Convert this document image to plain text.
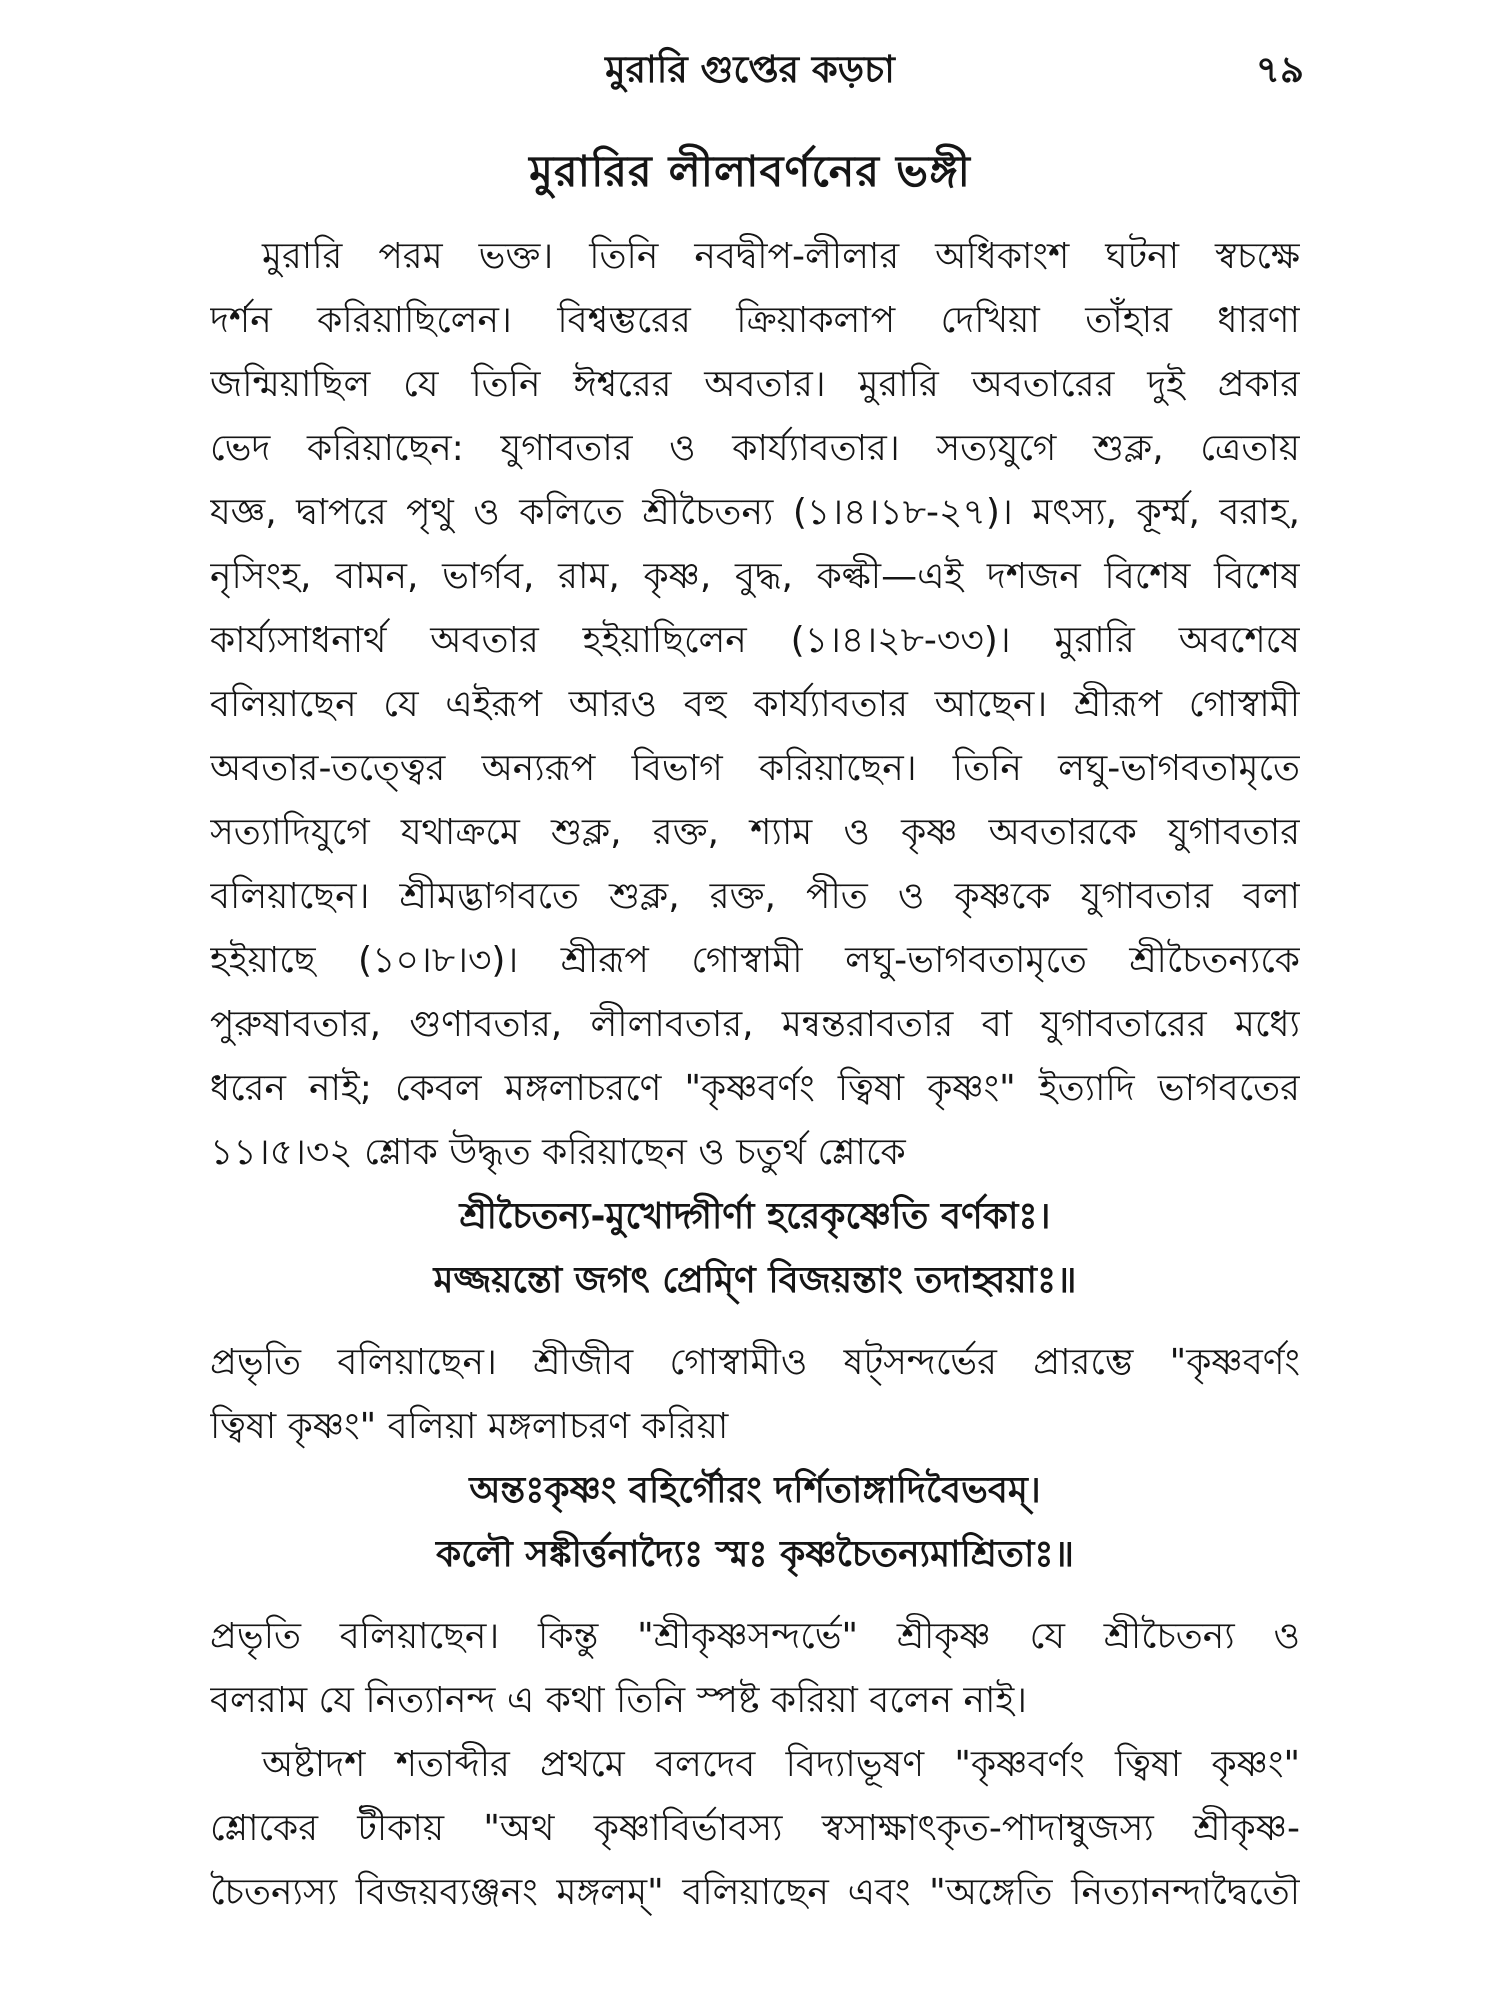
মুরারি গুপ্তের কড়চা	৭৯
মুরারির লীলাবর্ণনের ভঙ্গী
মুরারি পরম ভক্ত। তিনি নবদ্বীপ-লীলার অধিকাংশ ঘটনা স্বচক্ষে
দর্শন করিয়াছিলেন। বিশ্বম্ভরের ক্রিয়াকলাপ দেখিয়া তাঁহার ধারণা
জন্মিয়াছিল যে তিনি ঈশ্বরের অবতার। মুরারি অবতারের দুই প্রকার
ভেদ করিয়াছেন: যুগাবতার ও কার্য্যাবতার। সত্যযুগে শুক্ল, ত্রেতায়
যজ্ঞ, দ্বাপরে পৃথু ও কলিতে শ্রীচৈতন্য (১।৪।১৮-২৭)। মৎস্য, কূর্ম্ম, বরাহ,
নৃসিংহ, বামন, ভার্গব, রাম, কৃষ্ণ, বুদ্ধ, কল্কী—এই দশজন বিশেষ বিশেষ
কার্য্যসাধনার্থ অবতার হইয়াছিলেন (১।৪।২৮-৩৩)। মুরারি অবশেষে
বলিয়াছেন যে এইরূপ আরও বহু কার্য্যাবতার আছেন। শ্রীরূপ গোস্বামী
অবতার-তত্ত্বের অন্যরূপ বিভাগ করিয়াছেন। তিনি লঘু-ভাগবতামৃতে
সত্যাদিযুগে যথাক্রমে শুক্ল, রক্ত, শ্যাম ও কৃষ্ণ অবতারকে যুগাবতার
বলিয়াছেন। শ্রীমদ্ভাগবতে শুক্ল, রক্ত, পীত ও কৃষ্ণকে যুগাবতার বলা
হইয়াছে (১০।৮।৩)। শ্রীরূপ গোস্বামী লঘু-ভাগবতামৃতে শ্রীচৈতন্যকে
পুরুষাবতার, গুণাবতার, লীলাবতার, মন্বন্তরাবতার বা যুগাবতারের মধ্যে
ধরেন নাই; কেবল মঙ্গলাচরণে "কৃষ্ণবর্ণং ত্বিষা কৃষ্ণং" ইত্যাদি ভাগবতের
১১।৫।৩২ শ্লোক উদ্ধৃত করিয়াছেন ও চতুর্থ শ্লোকে
শ্রীচৈতন্য-মুখোদ্গীর্ণা হরেকৃষ্ণেতি বর্ণকাঃ।
মজ্জয়ন্তো জগৎ প্রেম্ণি বিজয়ন্তাং তদাহ্বয়াঃ॥
প্রভৃতি বলিয়াছেন। শ্রীজীব গোস্বামীও ষট্সন্দর্ভের প্রারম্ভে "কৃষ্ণবর্ণং
ত্বিষা কৃষ্ণং" বলিয়া মঙ্গলাচরণ করিয়া
অন্তঃকৃষ্ণং বহির্গৌরং দর্শিতাঙ্গাদিবৈভবম্।
কলৌ সঙ্কীর্ত্তনাদ্যৈঃ স্মঃ কৃষ্ণচৈতন্যমাশ্রিতাঃ॥
প্রভৃতি বলিয়াছেন। কিন্তু "শ্রীকৃষ্ণসন্দর্ভে" শ্রীকৃষ্ণ যে শ্রীচৈতন্য ও
বলরাম যে নিত্যানন্দ এ কথা তিনি স্পষ্ট করিয়া বলেন নাই।
অষ্টাদশ শতাব্দীর প্রথমে বলদেব বিদ্যাভূষণ "কৃষ্ণবর্ণং ত্বিষা কৃষ্ণং"
শ্লোকের টীকায় "অথ কৃষ্ণাবির্ভাবস্য স্বসাক্ষাৎকৃত-পাদাম্বুজস্য শ্রীকৃষ্ণ-
চৈতন্যস্য বিজয়ব্যঞ্জনং মঙ্গলম্" বলিয়াছেন এবং "অঙ্গেতি নিত্যানন্দাদ্বৈতৌ
